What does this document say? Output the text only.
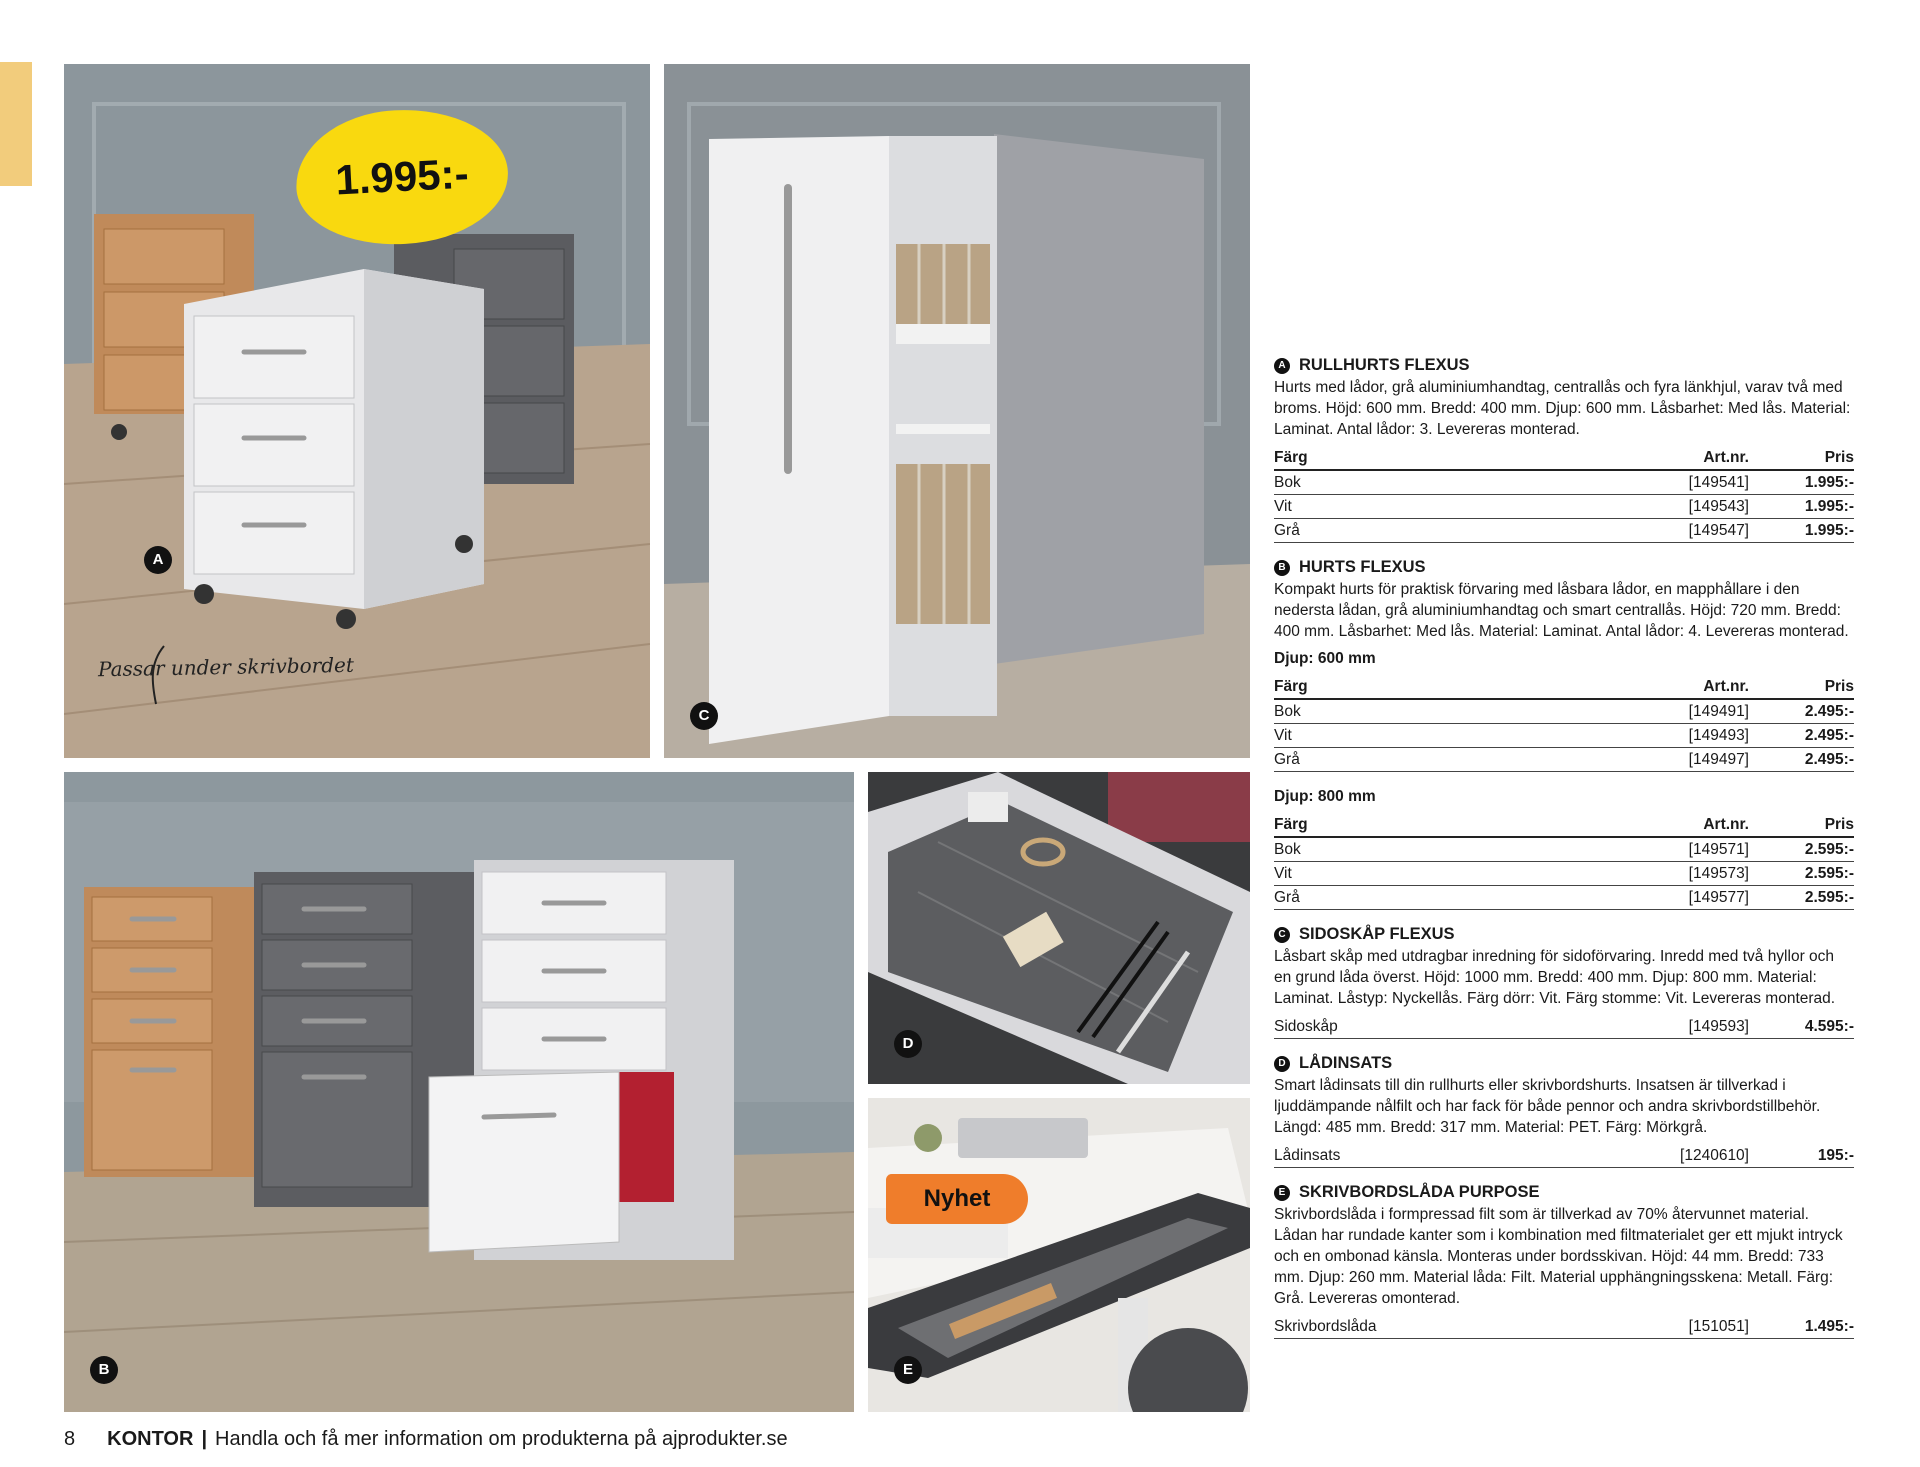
1.995:-
A
Passar under skrivbordet
C
B
D
Nyhet
E
A RULLHURTS FLEXUS

Hurts med lådor, grå aluminiumhandtag, centrallås och fyra länkhjul, varav två med broms. Höjd: 600 mm. Bredd: 400 mm. Djup: 600 mm. Låsbarhet: Med lås. Material: Laminat. Antal lådor: 3. Levereras monterad.

Färg	Art.nr.	Pris
Bok	[149541]	1.995:-
Vit	[149543]	1.995:-
Grå	[149547]	1.995:-
B HURTS FLEXUS

Kompakt hurts för praktisk förvaring med låsbara lådor, en mapphållare i den nedersta lådan, grå aluminiumhandtag och smart centrallås. Höjd: 720 mm. Bredd: 400 mm. Låsbarhet: Med lås. Material: Laminat. Antal lådor: 4. Levereras monterad.

Djup: 600 mm
Färg	Art.nr.	Pris
Bok	[149491]	2.495:-
Vit	[149493]	2.495:-
Grå	[149497]	2.495:-
Djup: 800 mm
Färg	Art.nr.	Pris
Bok	[149571]	2.595:-
Vit	[149573]	2.595:-
Grå	[149577]	2.595:-
C SIDOSKÅP FLEXUS

Låsbart skåp med utdragbar inredning för sidoförvaring. Inredd med två hyllor och en grund låda överst. Höjd: 1000 mm. Bredd: 400 mm. Djup: 800 mm. Material: Laminat. Låstyp: Nyckellås. Färg dörr: Vit. Färg stomme: Vit. Levereras monterad.

Sidoskåp	[149593]	4.595:-
D LÅDINSATS

Smart lådinsats till din rullhurts eller skrivbordshurts. Insatsen är tillverkad i ljuddämpande nålfilt och har fack för både pennor och andra skrivbordstillbehör. Längd: 485 mm. Bredd: 317 mm. Material: PET. Färg: Mörkgrå.

Lådinsats	[1240610]	195:-
E SKRIVBORDSLÅDA PURPOSE

Skrivbordslåda i formpressad filt som är tillverkad av 70% återvunnet material. Lådan har rundade kanter som i kombination med filtmaterialet ger ett mjukt intryck och en ombonad känsla. Monteras under bordsskivan. Höjd: 44 mm. Bredd: 733 mm. Djup: 260 mm. Material låda: Filt. Material upphängningsskena: Metall. Färg: Grå. Levereras omonterad.

Skrivbordslåda	[151051]	1.495:-
8 KONTOR | Handla och få mer information om produkterna på ajprodukter.se
